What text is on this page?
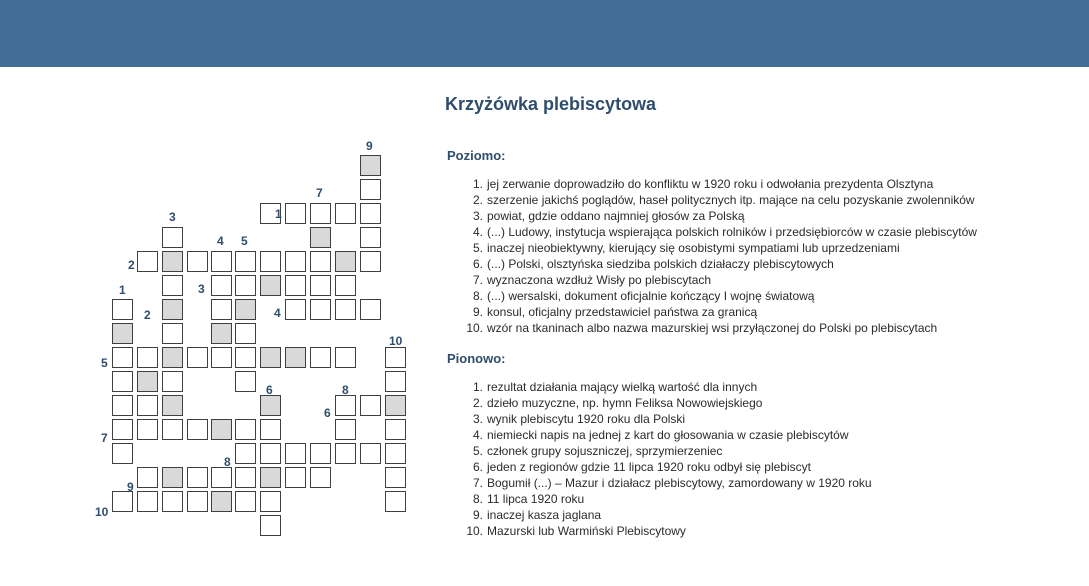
Krzyżówka plebiscytowa
1
2
3
4
5
6
7
8
9
10
1
2
3
4 5
6
7
8
9
10
Poziomo:
1. jej zerwanie doprowadziło do konfliktu w 1920 roku i odwołania prezydenta Olsztyna
2. szerzenie jakichś poglądów, haseł politycznych itp. mające na celu pozyskanie zwolenników
3. powiat, gdzie oddano najmniej głosów za Polską
4. (...) Ludowy, instytucja wspierająca polskich rolników i przedsiębiorców w czasie plebiscytów
5. inaczej nieobiektywny, kierujący się osobistymi sympatiami lub uprzedzeniami
6. (...) Polski, olsztyńska siedziba polskich działaczy plebiscytowych
7. wyznaczona wzdłuż Wisły po plebiscytach
8. (...) wersalski, dokument oficjalnie kończący I wojnę światową
9. konsul, oficjalny przedstawiciel państwa za granicą
10. wzór na tkaninach albo nazwa mazurskiej wsi przyłączonej do Polski po plebiscytach
Pionowo:
1. rezultat działania mający wielką wartość dla innych
2. dzieło muzyczne, np. hymn Feliksa Nowowiejskiego
3. wynik plebiscytu 1920 roku dla Polski
4. niemiecki napis na jednej z kart do głosowania w czasie plebiscytów
5. członek grupy sojuszniczej, sprzymierzeniec
6. jeden z regionów gdzie 11 lipca 1920 roku odbył się plebiscyt
7. Bogumił (...) – Mazur i działacz plebiscytowy, zamordowany w 1920 roku
8. 11 lipca 1920 roku
9. inaczej kasza jaglana
10. Mazurski lub Warmiński Plebiscytowy
